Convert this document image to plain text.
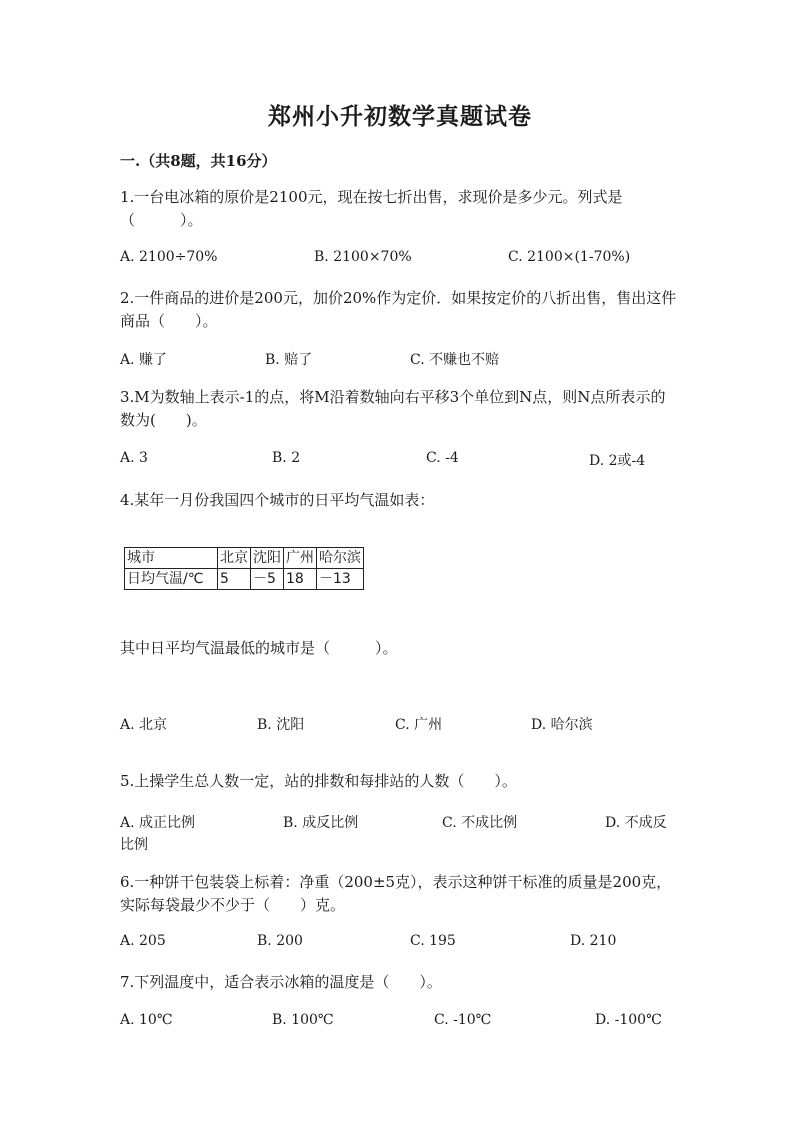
郑州小升初数学真题试卷
一.（共8题，共16分）
1.一台电冰箱的原价是2100元，现在按七折出售，求现价是多少元。列式是（　　　）。
A. 2100÷70%	B. 2100×70%	C. 2100×(1-70%)
2.一件商品的进价是200元，加价20%作为定价．如果按定价的八折出售，售出这件商品（　　）。
A. 赚了	B. 赔了	C. 不赚也不赔
3.M为数轴上表示-1的点，将M沿着数轴向右平移3个单位到N点，则N点所表示的数为(　　)。
A. 3	B. 2	C. -4	D. 2或-4
4.某年一月份我国四个城市的日平均气温如表：
城市	北京	沈阳	广州	哈尔滨
日均气温/℃	5	－5	18	－13
其中日平均气温最低的城市是（　　　）。
A. 北京	B. 沈阳	C. 广州	D. 哈尔滨
5.上操学生总人数一定，站的排数和每排站的人数（　　）。
A. 成正比例	B. 成反比例	C. 不成比例	D. 不成反比例
6.一种饼干包装袋上标着：净重（200±5克），表示这种饼干标准的质量是200克，实际每袋最少不少于（　　）克。
A. 205	B. 200	C. 195	D. 210
7.下列温度中，适合表示冰箱的温度是（　　）。
A. 10℃	B. 100℃	C. -10℃	D. -100℃
